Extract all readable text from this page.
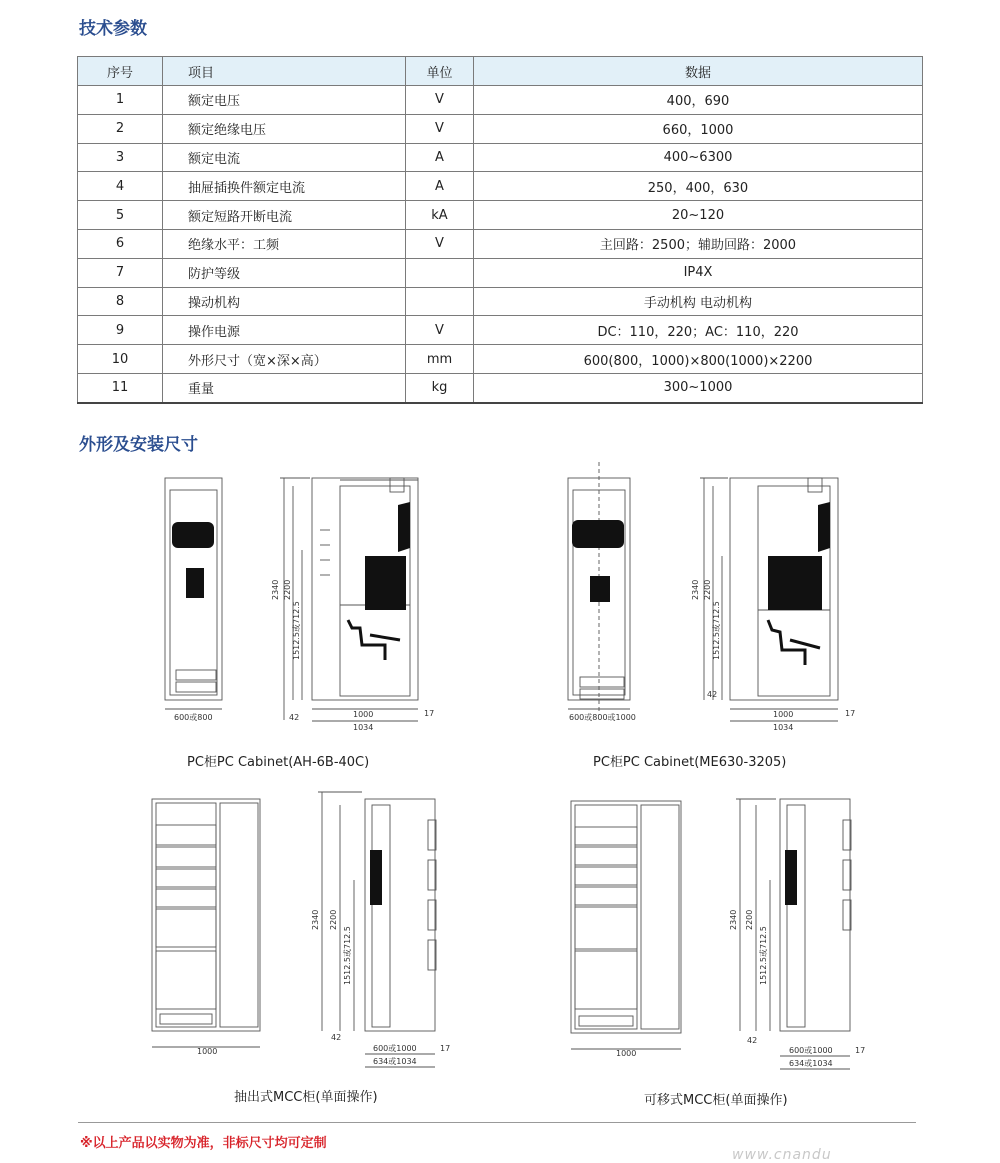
技术参数
序号	项目	单位	数据
1	额定电压	V	400，690
2	额定绝缘电压	V	660，1000
3	额定电流	A	400~6300
4	抽屉插换件额定电流	A	250，400，630
5	额定短路开断电流	kA	20~120
6	绝缘水平：工频	V	主回路：2500；辅助回路：2000
7	防护等级		IP4X
8	操动机构		手动机构 电动机构
9	操作电源	V	DC：110，220；AC：110，220
10	外形尺寸（宽×深×高）	mm	600(800，1000)×800(1000)×2200
11	重量	kg	300~1000
外形及安装尺寸
600或800
2340 2200
1512.5或712.5
42	1000
1034
17	600或800或1000
2340 2200
1512.5或712.5
42
1000
1034
17
1000
2340 2200
1512.5或712.5
42
600或1000
634或1034
17
1000
2340 2200
1512.5或712.5
42
600或1000
634或1034
17
PC柜PC Cabinet(AH-6B-40C)	PC柜PC Cabinet(ME630-3205)
抽出式MCC柜(单面操作)	可移式MCC柜(单面操作)
※以上产品以实物为准，非标尺寸均可定制
www.cnandu
